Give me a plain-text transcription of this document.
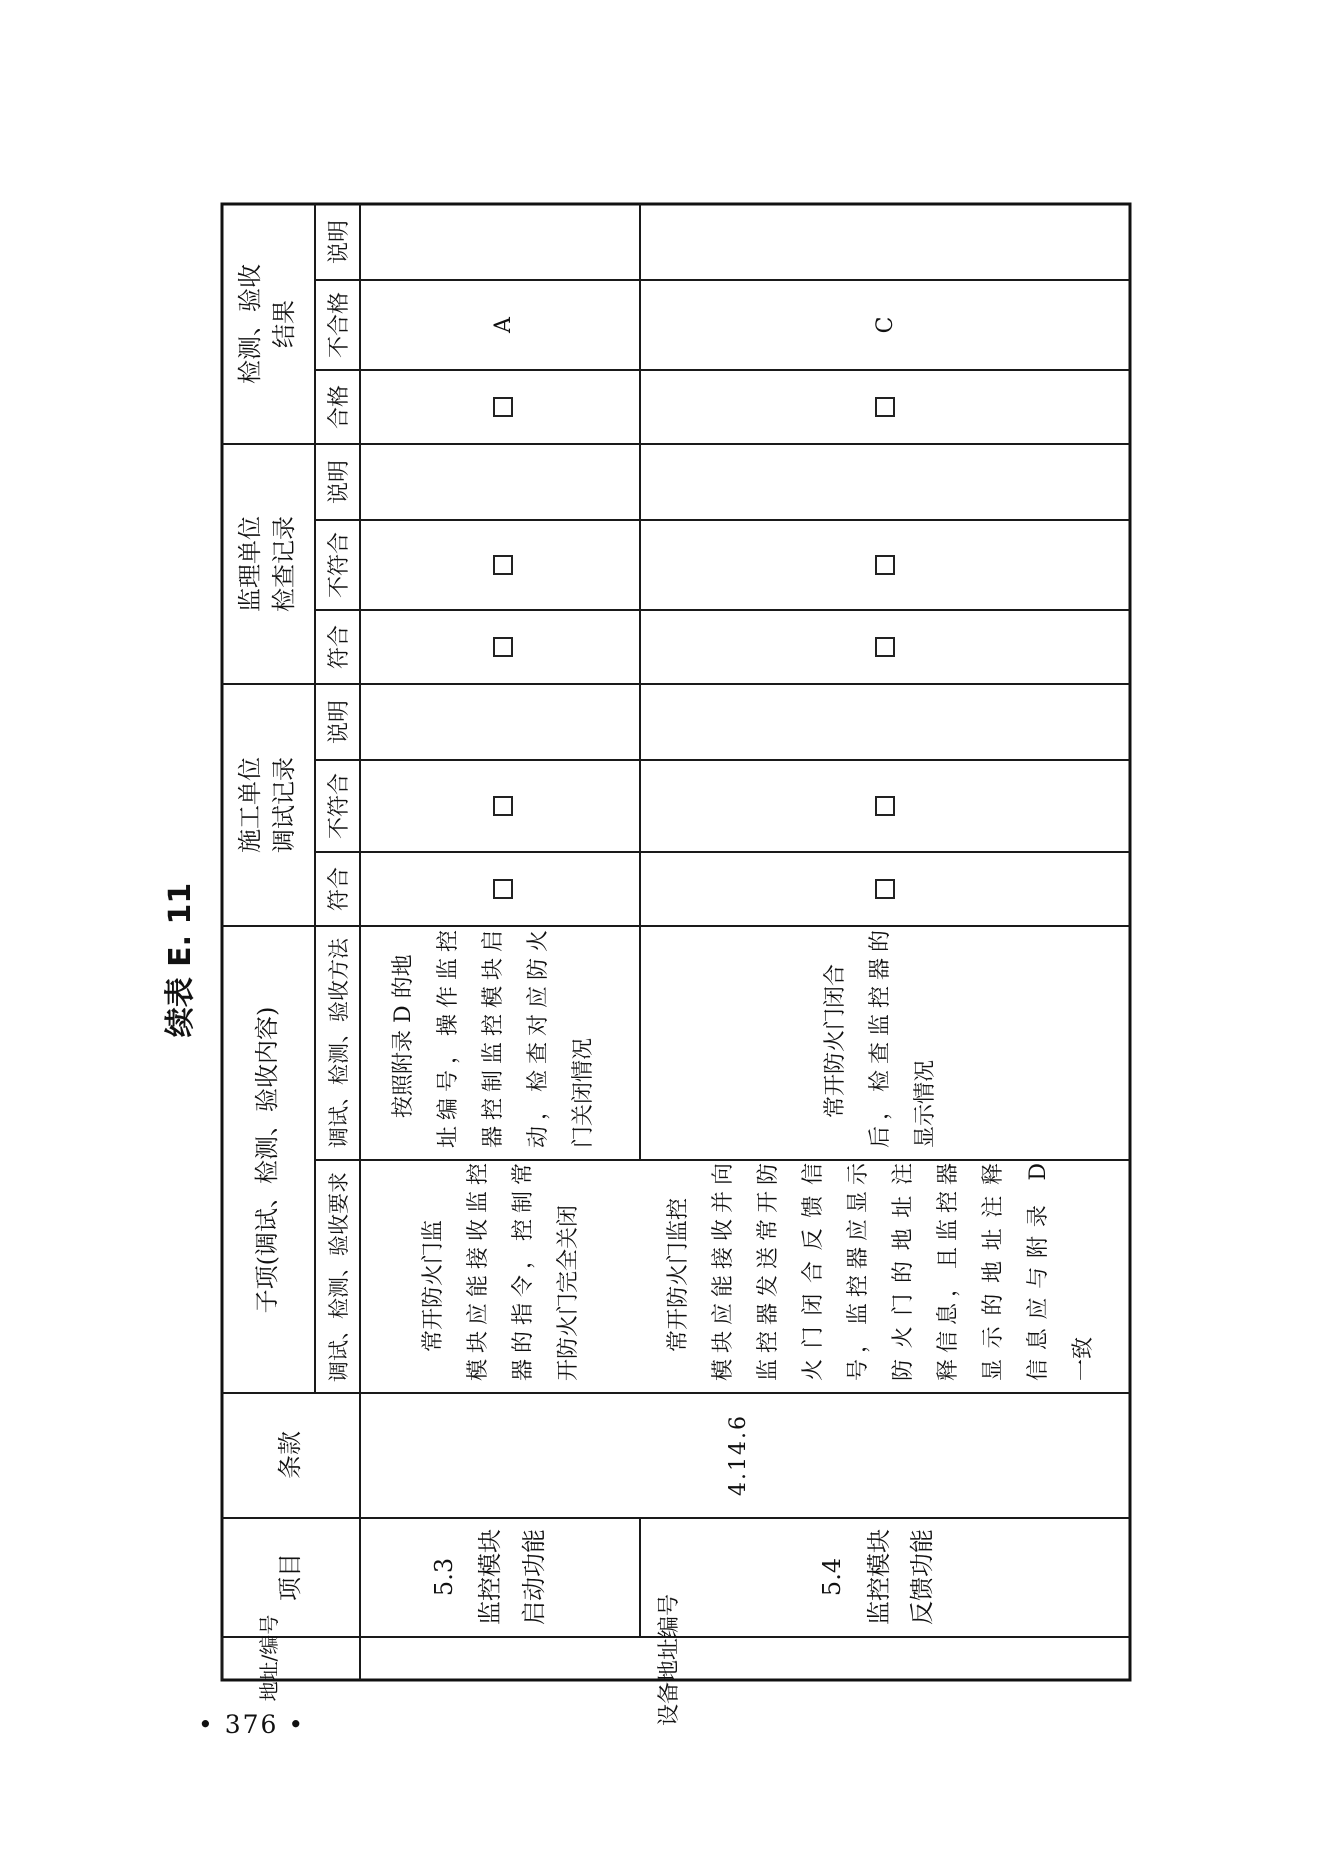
续表 E. 11
检测、验收 结果
说明
不合格
合格
监理单位 检查记录
说明
不符合
符合
施工单位 调试记录
说明
不符合
符合
子项(调试、检测、验收内容) 调试、检测、验收方法
调试、检测、验收要求
条款
项目
地址/编号
4.14.6
设备地址编号
5.3 监控模块 启动功能
常开防火门监
模块应能接收监控
器的指令，控制常
开防火门完全关闭
按照附录 D 的地
址编号，操作监控
器控制监控模块启
动，检查对应防火
门关闭情况
A
5.4 监控模块 反馈功能
常开防火门监控
模块应能接收并向
监控器发送常开防
火门闭合反馈信
号，监控器应显示
防火门的地址注
释信息，且监控器
显示的地址注释
信息应与附录 D
一致
常开防火门闭合
后，检查监控器的
显示情况
C
• 376 •
